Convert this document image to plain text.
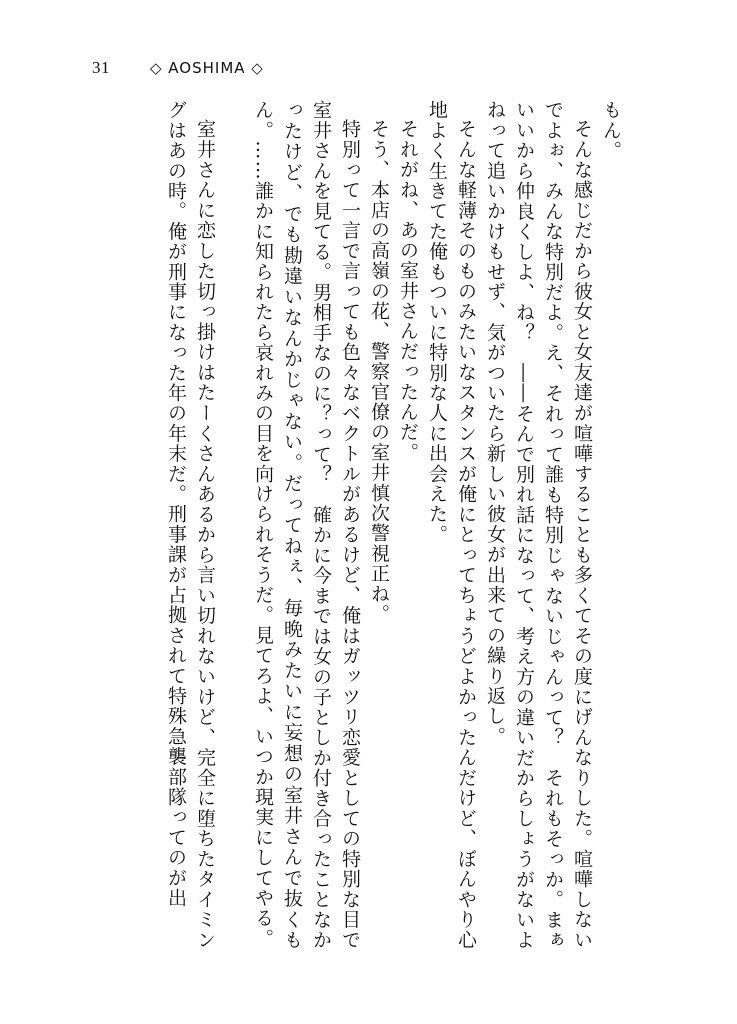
31	◇ AOSHIMA ◇

もん。

そんな感じだから彼女と女友達が喧嘩することも多くてその度にげんなりした。喧嘩しないでよぉ、みんな特別だよ。え、それって誰も特別じゃないじゃんって？　それもそっか。まぁいいから仲良くしよ、ね？　――そんで別れ話になって、考え方の違いだからしょうがないよねって追いかけもせず、気がついたら新しい彼女が出来ての繰り返し。

そんな軽薄そのものみたいなスタンスが俺にとってちょうどよかったんだけど、ぼんやり心地よく生きてた俺もついに特別な人に出会えた。

それがね、あの室井さんだったんだ。

そう、本店の高嶺の花、警察官僚の室井慎次警視正ね。

特別って一言で言っても色々なベクトルがあるけど、俺はガッツリ恋愛としての特別な目で室井さんを見てる。男相手なのに？って？　確かに今までは女の子としか付き合ったことなかったけど、でも勘違いなんかじゃない。だってねぇ、毎晩みたいに妄想の室井さんで抜くもん。……誰かに知られたら哀れみの目を向けられそうだ。見てろよ、いつか現実にしてやる。

室井さんに恋した切っ掛けはたーくさんあるから言い切れないけど、完全に堕ちたタイミングはあの時。俺が刑事になった年の年末だ。刑事課が占拠されて特殊急襲部隊ってのが出
